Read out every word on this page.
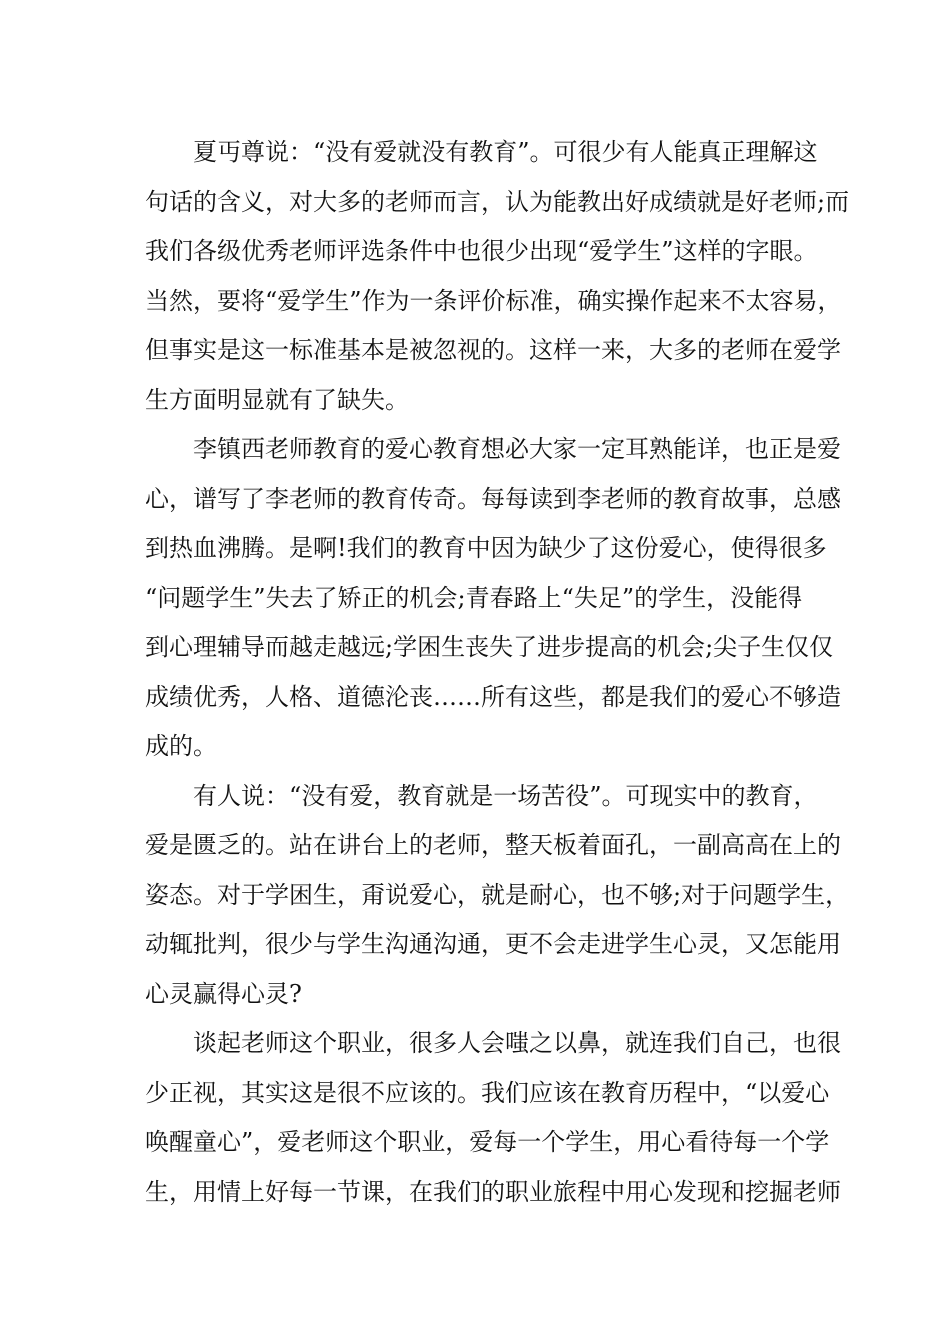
夏丏尊说：“没有爱就没有教育”。可很少有人能真正理解这
句话的含义，对大多的老师而言，认为能教出好成绩就是好老师;而
我们各级优秀老师评选条件中也很少出现“爱学生”这样的字眼。
当然，要将“爱学生”作为一条评价标准，确实操作起来不太容易，
但事实是这一标准基本是被忽视的。这样一来，大多的老师在爱学
生方面明显就有了缺失。
李镇西老师教育的爱心教育想必大家一定耳熟能详，也正是爱
心，谱写了李老师的教育传奇。每每读到李老师的教育故事，总感
到热血沸腾。是啊!我们的教育中因为缺少了这份爱心，使得很多
“问题学生”失去了矫正的机会;青春路上“失足”的学生，没能得
到心理辅导而越走越远;学困生丧失了进步提高的机会;尖子生仅仅
成绩优秀，人格、道德沦丧……所有这些，都是我们的爱心不够造
成的。
有人说：“没有爱，教育就是一场苦役”。可现实中的教育，
爱是匮乏的。站在讲台上的老师，整天板着面孔，一副高高在上的
姿态。对于学困生，甭说爱心，就是耐心，也不够;对于问题学生，
动辄批判，很少与学生沟通沟通，更不会走进学生心灵，又怎能用
心灵赢得心灵?
谈起老师这个职业，很多人会嗤之以鼻，就连我们自己，也很
少正视，其实这是很不应该的。我们应该在教育历程中，“以爱心
唤醒童心”，爱老师这个职业，爱每一个学生，用心看待每一个学
生，用情上好每一节课，在我们的职业旅程中用心发现和挖掘老师
